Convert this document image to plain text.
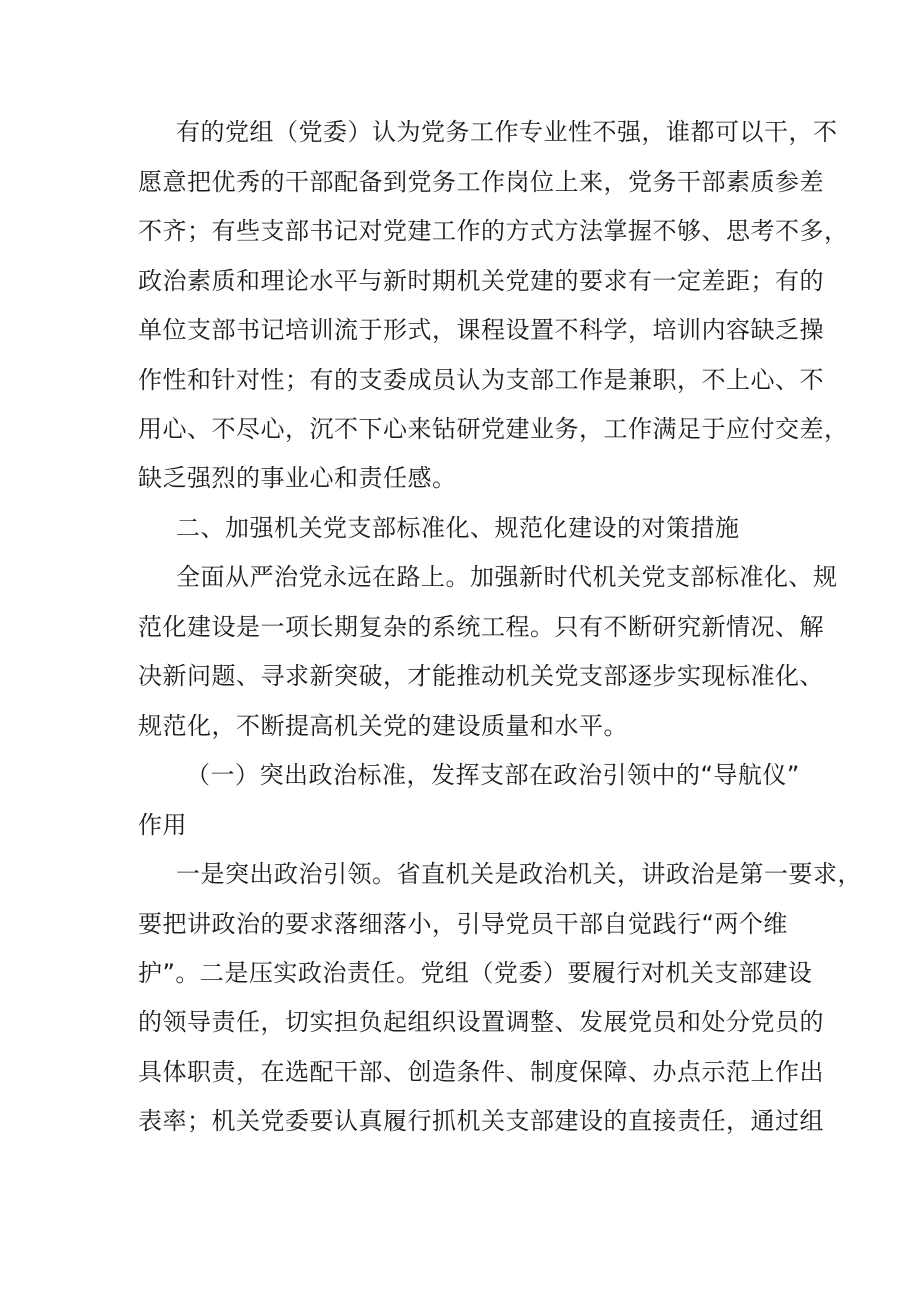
有的党组（党委）认为党务工作专业性不强，谁都可以干，不
愿意把优秀的干部配备到党务工作岗位上来，党务干部素质参差
不齐；有些支部书记对党建工作的方式方法掌握不够、思考不多，
政治素质和理论水平与新时期机关党建的要求有一定差距；有的
单位支部书记培训流于形式，课程设置不科学，培训内容缺乏操
作性和针对性；有的支委成员认为支部工作是兼职，不上心、不
用心、不尽心，沉不下心来钻研党建业务，工作满足于应付交差，
缺乏强烈的事业心和责任感。
二、加强机关党支部标准化、规范化建设的对策措施
全面从严治党永远在路上。加强新时代机关党支部标准化、规
范化建设是一项长期复杂的系统工程。只有不断研究新情况、解
决新问题、寻求新突破，才能推动机关党支部逐步实现标准化、
规范化，不断提高机关党的建设质量和水平。
（一）突出政治标准，发挥支部在政治引领中的“导航仪”
作用
一是突出政治引领。省直机关是政治机关，讲政治是第一要求，
要把讲政治的要求落细落小，引导党员干部自觉践行“两个维
护”。二是压实政治责任。党组（党委）要履行对机关支部建设
的领导责任，切实担负起组织设置调整、发展党员和处分党员的
具体职责，在选配干部、创造条件、制度保障、办点示范上作出
表率；机关党委要认真履行抓机关支部建设的直接责任，通过组
